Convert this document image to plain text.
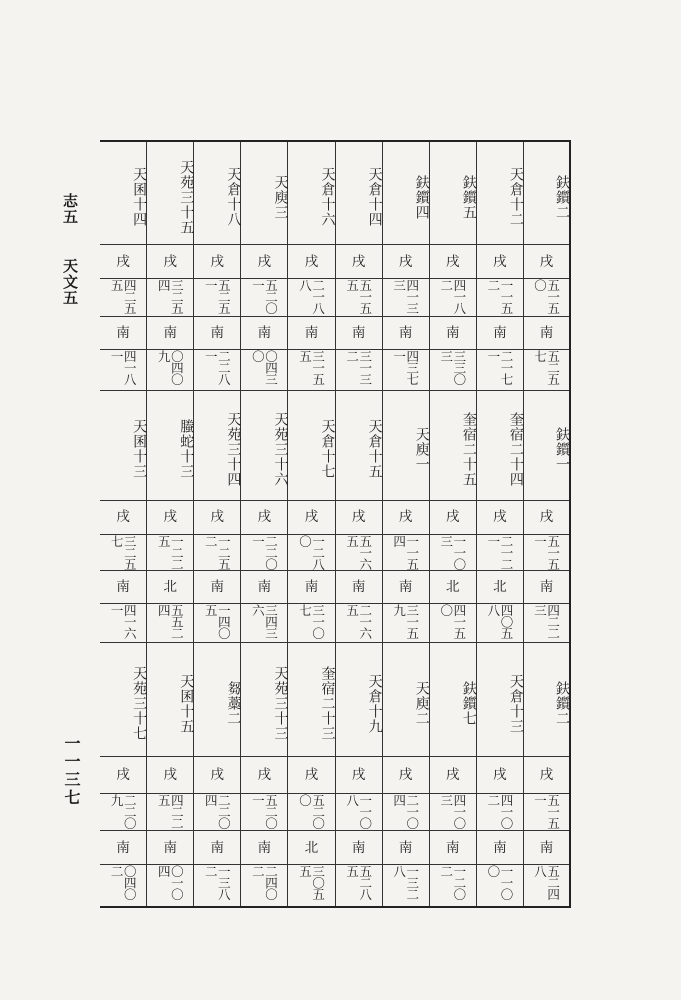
志五
天文五
一一三七
鈇鑕二
戌
五一五〇
南
五二五七
鈇鑕一
戌
五一五一
南
四二二三
鈇鑕二
戌
五一五一
南
五二四八
天倉十二
戌
一一五二
南
二一七一
奎宿二十四
戌
二一二一
北
四〇五八
天倉十三
戌
四一〇二
南
一一〇〇
鈇鑕五
戌
四一八二
南
三三〇三
奎宿二十五
戌
一一〇三
北
四一五〇
鈇鑕七
戌
四一〇三
南
一二〇二
鈇鑕四
戌
四一三三
南
四三七一
天庾一
戌
一一五四
南
三一五九
天庾二
戌
二一〇四
南
一三二八
天倉十四
戌
五一五五
南
三一三二
天倉十五
戌
五一六五
南
二一六五
天倉十九
戌
一一〇八
南
五二八五
天倉十六
戌
二一八八
南
三一五五
天倉十七
戌
一二八〇
南
三一〇七
奎宿二十三
戌
五二〇〇
北
三〇五五
天庾三
戌
五二〇一
南
〇四三〇
天苑三十六
戌
二二〇一
南
三四三六
天苑三十三
戌
五二〇一
南
二四〇二
天倉十八
戌
五二五一
南
二二八一
天苑三十四
戌
一二五二
南
一四〇五
芻藁二
戌
二二〇四
南
一三八二
天苑三十五
戌
三二五四
南
〇四〇九
螣蛇十三
戌
一二二五
北
五五二四
天囷十五
戌
四二二五
南
〇一〇四
天囷十四
戌
四二五五
南
四一八一
天囷十三
戌
三二五七
南
四一六一
天苑三十七
戌
二二〇九
南
〇四〇二
